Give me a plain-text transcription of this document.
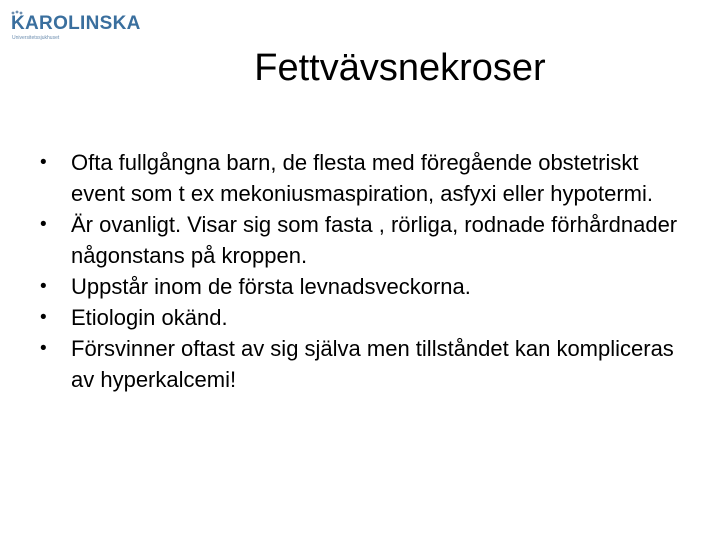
KAROLINSKA
Universitetssjukhuset
Fettvävsnekroser
•	Ofta fullgångna barn, de flesta med föregående obstetriskt event som t ex mekoniusmaspiration, asfyxi eller hypotermi.
•	Är ovanligt. Visar sig som fasta , rörliga, rodnade förhårdnader någonstans på kroppen.
•	Uppstår inom de första levnadsveckorna.
•	Etiologin okänd.
•	Försvinner oftast av sig själva men tillståndet kan kompliceras av hyperkalcemi!
